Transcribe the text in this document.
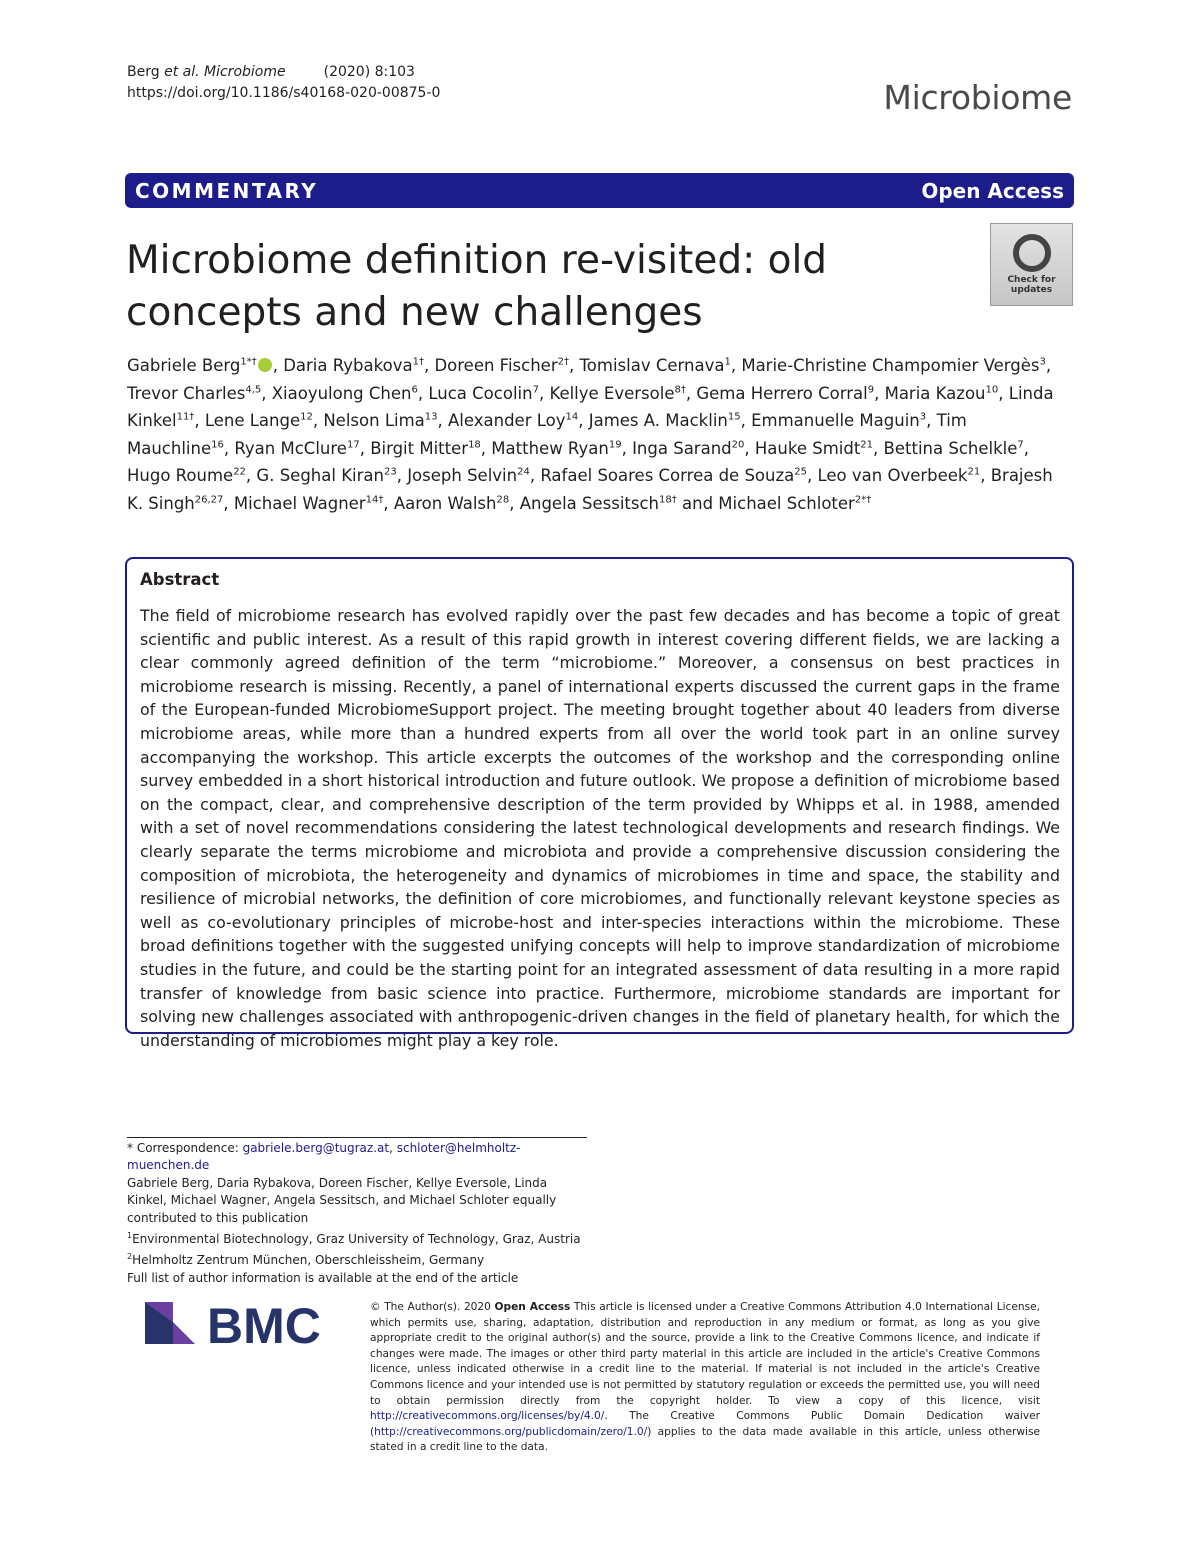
Berg et al. Microbiome	(2020) 8:103
https://doi.org/10.1186/s40168-020-00875-0	Microbiome
COMMENTARY	Open Access
Microbiome definition re-visited: old concepts and new challenges
Check for updates
Gabriele Berg$^{1*\dagger}$ , Daria Rybakova$^{1\dagger}$, Doreen Fischer$^{2\dagger}$, Tomislav Cernava$^1$, Marie-Christine Champomier Vergès$^3$, Trevor Charles$^{4,5}$, Xiaoyulong Chen$^6$, Luca Cocolin$^7$, Kellye Eversole$^{8\dagger}$, Gema Herrero Corral$^9$, Maria Kazou$^{10}$, Linda Kinkel$^{11\dagger}$, Lene Lange$^{12}$, Nelson Lima$^{13}$, Alexander Loy$^{14}$, James A. Macklin$^{15}$, Emmanuelle Maguin$^3$, Tim Mauchline$^{16}$, Ryan McClure$^{17}$, Birgit Mitter$^{18}$, Matthew Ryan$^{19}$, Inga Sarand$^{20}$, Hauke Smidt$^{21}$, Bettina Schelkle$^7$, Hugo Roume$^{22}$, G. Seghal Kiran$^{23}$, Joseph Selvin$^{24}$, Rafael Soares Correa de Souza$^{25}$, Leo van Overbeek$^{21}$, Brajesh K. Singh$^{26,27}$, Michael Wagner$^{14\dagger}$, Aaron Walsh$^{28}$, Angela Sessitsch$^{18\dagger}$ and Michael Schloter$^{2*\dagger}$
Abstract
The field of microbiome research has evolved rapidly over the past few decades and has become a topic of great scientific and public interest. As a result of this rapid growth in interest covering different fields, we are lacking a clear commonly agreed definition of the term “microbiome.” Moreover, a consensus on best practices in microbiome research is missing. Recently, a panel of international experts discussed the current gaps in the frame of the European-funded MicrobiomeSupport project. The meeting brought together about 40 leaders from diverse microbiome areas, while more than a hundred experts from all over the world took part in an online survey accompanying the workshop. This article excerpts the outcomes of the workshop and the corresponding online survey embedded in a short historical introduction and future outlook. We propose a definition of microbiome based on the compact, clear, and comprehensive description of the term provided by Whipps et al. in 1988, amended with a set of novel recommendations considering the latest technological developments and research findings. We clearly separate the terms microbiome and microbiota and provide a comprehensive discussion considering the composition of microbiota, the heterogeneity and dynamics of microbiomes in time and space, the stability and resilience of microbial networks, the definition of core microbiomes, and functionally relevant keystone species as well as co-evolutionary principles of microbe-host and inter-species interactions within the microbiome. These broad definitions together with the suggested unifying concepts will help to improve standardization of microbiome studies in the future, and could be the starting point for an integrated assessment of data resulting in a more rapid transfer of knowledge from basic science into practice. Furthermore, microbiome standards are important for solving new challenges associated with anthropogenic-driven changes in the field of planetary health, for which the understanding of microbiomes might play a key role.
* Correspondence: gabriele.berg@tugraz.at, schloter@helmholtz-muenchen.de
Gabriele Berg, Daria Rybakova, Doreen Fischer, Kellye Eversole, Linda Kinkel, Michael Wagner, Angela Sessitsch, and Michael Schloter equally contributed to this publication
$^1$Environmental Biotechnology, Graz University of Technology, Graz, Austria
$^2$Helmholtz Zentrum München, Oberschleissheim, Germany
Full list of author information is available at the end of the article
BMC	© The Author(s). 2020 Open Access This article is licensed under a Creative Commons Attribution 4.0 International License, which permits use, sharing, adaptation, distribution and reproduction in any medium or format, as long as you give appropriate credit to the original author(s) and the source, provide a link to the Creative Commons licence, and indicate if changes were made. The images or other third party material in this article are included in the article's Creative Commons licence, unless indicated otherwise in a credit line to the material. If material is not included in the article's Creative Commons licence and your intended use is not permitted by statutory regulation or exceeds the permitted use, you will need to obtain permission directly from the copyright holder. To view a copy of this licence, visit http://creativecommons.org/licenses/by/4.0/. The Creative Commons Public Domain Dedication waiver (http://creativecommons.org/publicdomain/zero/1.0/) applies to the data made available in this article, unless otherwise stated in a credit line to the data.
